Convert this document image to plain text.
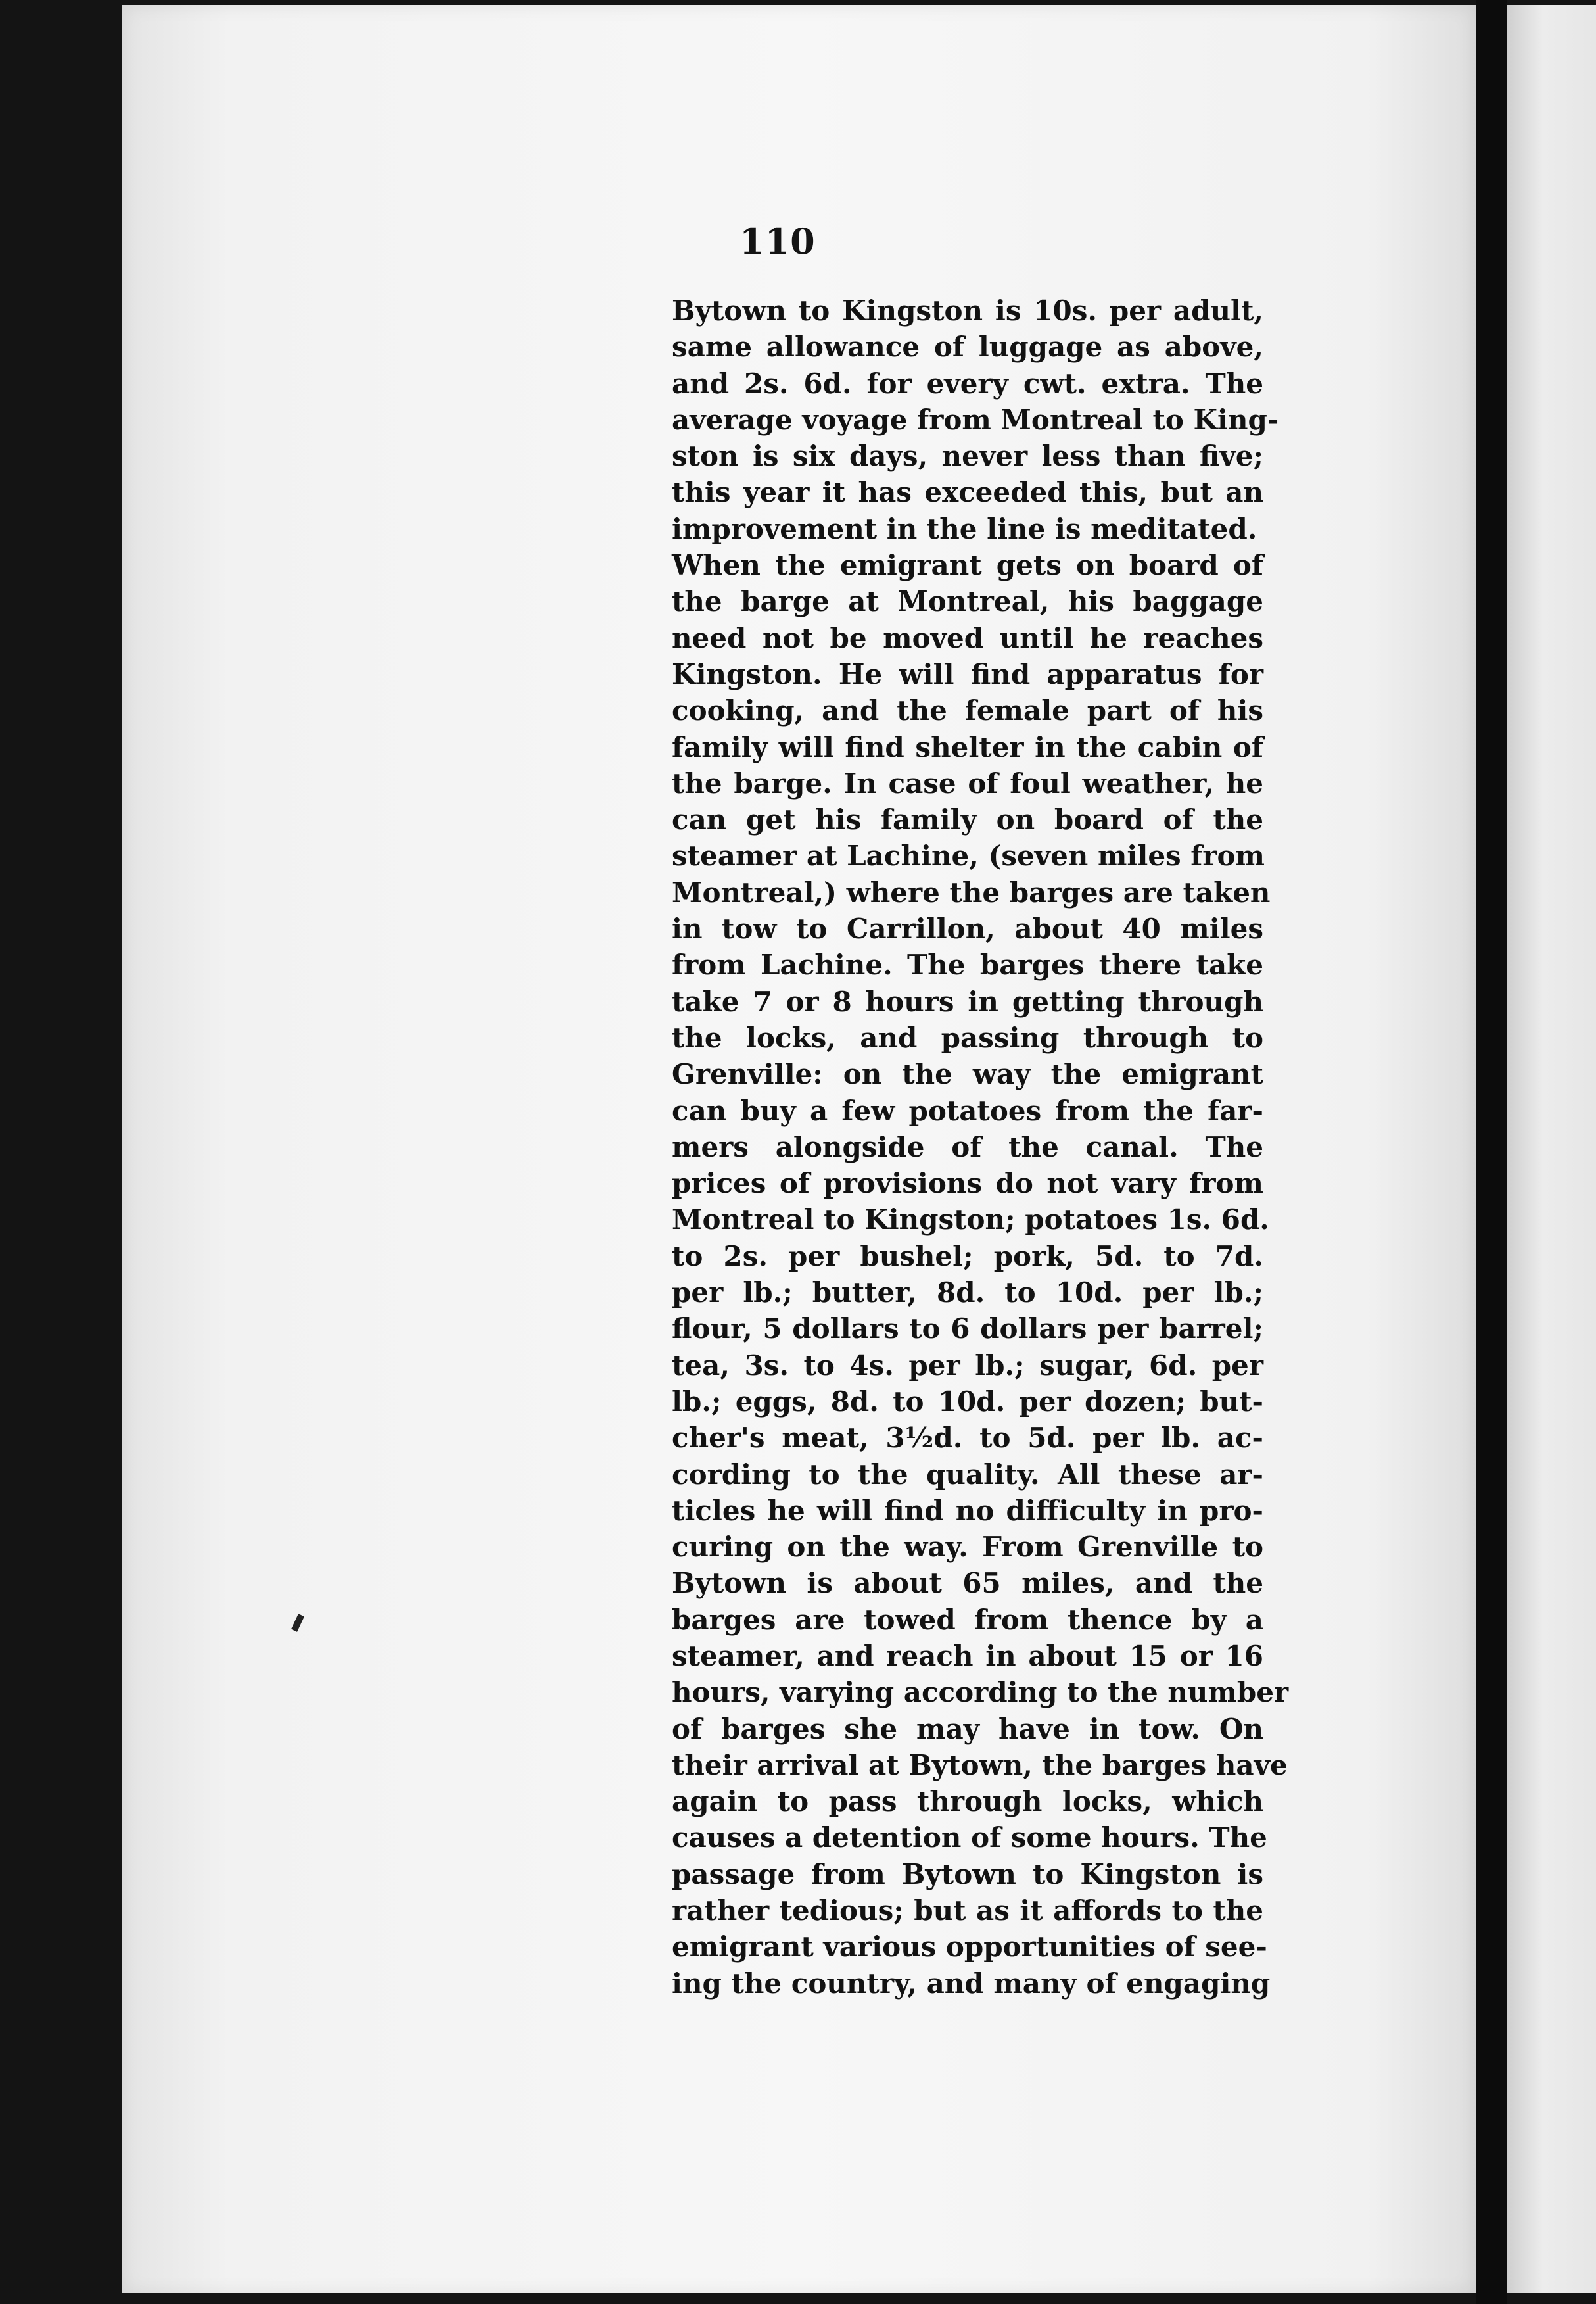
110
Bytown to Kingston is 10s. per adult,
same allowance of luggage as above,
and 2s. 6d. for every cwt. extra. The
average voyage from Montreal to King-
ston is six days, never less than five;
this year it has exceeded this, but an
improvement in the line is meditated.
When the emigrant gets on board of
the barge at Montreal, his baggage
need not be moved until he reaches
Kingston. He will find apparatus for
cooking, and the female part of his
family will find shelter in the cabin of
the barge. In case of foul weather, he
can get his family on board of the
steamer at Lachine, (seven miles from
Montreal,) where the barges are taken
in tow to Carrillon, about 40 miles
from Lachine. The barges there take
take 7 or 8 hours in getting through
the locks, and passing through to
Grenville: on the way the emigrant
can buy a few potatoes from the far-
mers alongside of the canal. The
prices of provisions do not vary from
Montreal to Kingston; potatoes 1s. 6d.
to 2s. per bushel; pork, 5d. to 7d.
per lb.; butter, 8d. to 10d. per lb.;
flour, 5 dollars to 6 dollars per barrel;
tea, 3s. to 4s. per lb.; sugar, 6d. per
lb.; eggs, 8d. to 10d. per dozen; but-
cher's meat, 3½d. to 5d. per lb. ac-
cording to the quality. All these ar-
ticles he will find no difficulty in pro-
curing on the way. From Grenville to
Bytown is about 65 miles, and the
barges are towed from thence by a
steamer, and reach in about 15 or 16
hours, varying according to the number
of barges she may have in tow. On
their arrival at Bytown, the barges have
again to pass through locks, which
causes a detention of some hours. The
passage from Bytown to Kingston is
rather tedious; but as it affords to the
emigrant various opportunities of see-
ing the country, and many of engaging
